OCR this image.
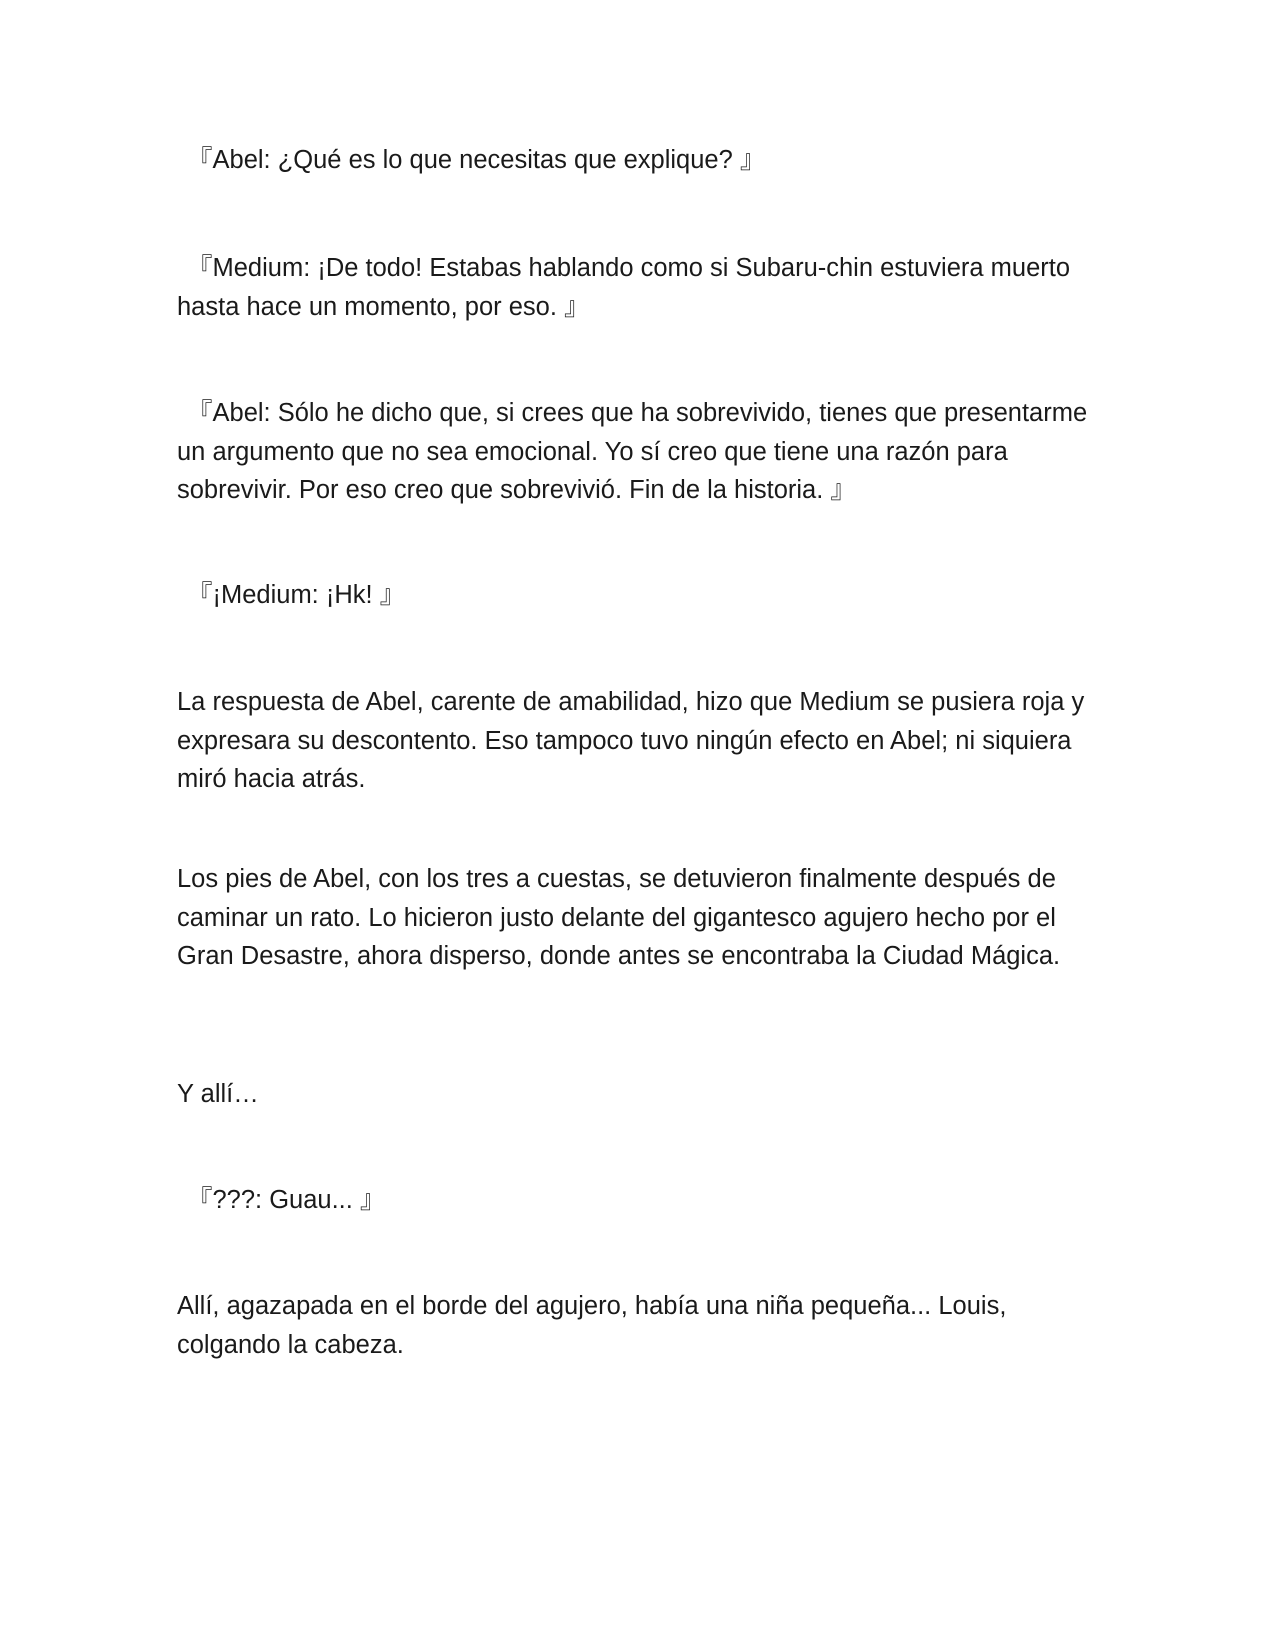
『Abel: ¿Qué es lo que necesitas que explique? 』

『Medium: ¡De todo! Estabas hablando como si Subaru-chin estuviera muerto hasta hace un momento, por eso. 』

『Abel: Sólo he dicho que, si crees que ha sobrevivido, tienes que presentarme un argumento que no sea emocional. Yo sí creo que tiene una razón para sobrevivir. Por eso creo que sobrevivió. Fin de la historia. 』

『¡Medium: ¡Hk! 』

La respuesta de Abel, carente de amabilidad, hizo que Medium se pusiera roja y expresara su descontento. Eso tampoco tuvo ningún efecto en Abel; ni siquiera miró hacia atrás.

Los pies de Abel, con los tres a cuestas, se detuvieron finalmente después de caminar un rato. Lo hicieron justo delante del gigantesco agujero hecho por el Gran Desastre, ahora disperso, donde antes se encontraba la Ciudad Mágica.

Y allí…

『???: Guau... 』

Allí, agazapada en el borde del agujero, había una niña pequeña... Louis, colgando la cabeza.
